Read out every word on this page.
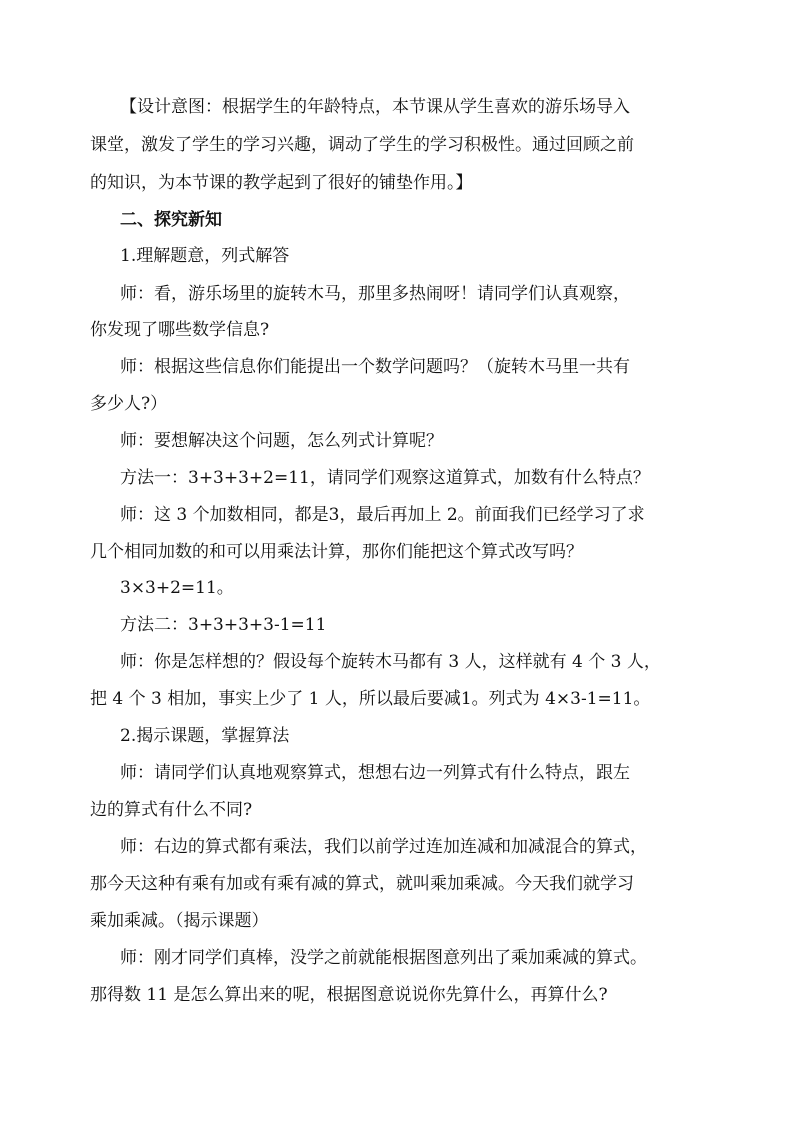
【设计意图：根据学生的年龄特点，本节课从学生喜欢的游乐场导入
课堂，激发了学生的学习兴趣，调动了学生的学习积极性。通过回顾之前
的知识，为本节课的教学起到了很好的铺垫作用。】
二、探究新知
1.理解题意，列式解答
师：看，游乐场里的旋转木马，那里多热闹呀！请同学们认真观察，
你发现了哪些数学信息?
师：根据这些信息你们能提出一个数学问题吗？（旋转木马里一共有
多少人?）
师：要想解决这个问题，怎么列式计算呢？
方法一：3+3+3+2=11，请同学们观察这道算式，加数有什么特点？
师：这 3 个加数相同，都是3，最后再加上 2。前面我们已经学习了求
几个相同加数的和可以用乘法计算，那你们能把这个算式改写吗？
3×3+2=11。
方法二：3+3+3+3-1=11
师：你是怎样想的？假设每个旋转木马都有 3 人，这样就有 4 个 3 人，
把 4 个 3 相加，事实上少了 1 人，所以最后要减1。列式为 4×3-1=11。
2.揭示课题，掌握算法
师：请同学们认真地观察算式，想想右边一列算式有什么特点，跟左
边的算式有什么不同?
师：右边的算式都有乘法，我们以前学过连加连减和加减混合的算式，
那今天这种有乘有加或有乘有减的算式，就叫乘加乘减。今天我们就学习
乘加乘减。（揭示课题）
师：刚才同学们真棒，没学之前就能根据图意列出了乘加乘减的算式。
那得数 11 是怎么算出来的呢，根据图意说说你先算什么，再算什么?
